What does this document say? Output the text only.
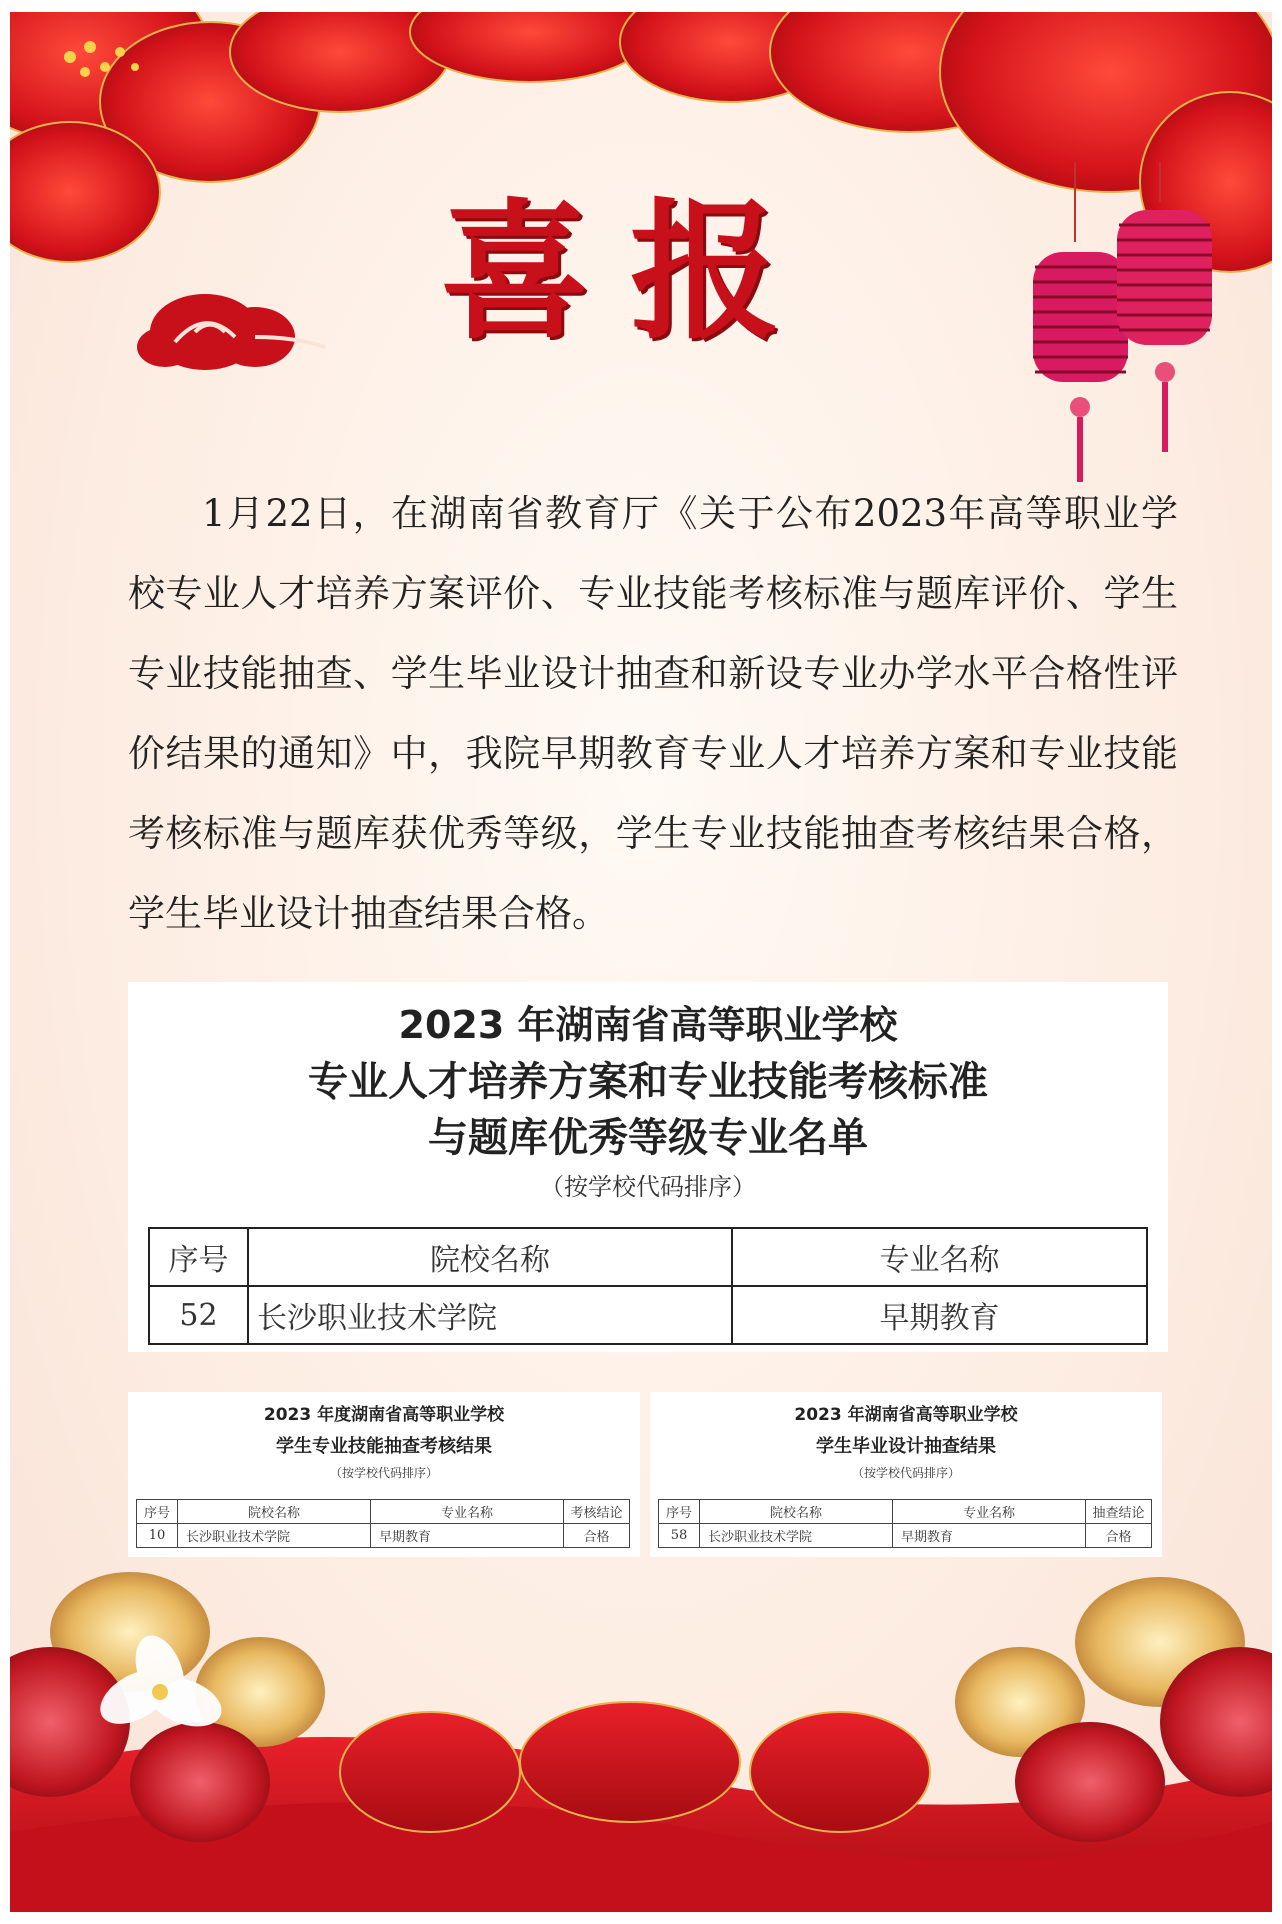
喜报
1月22日，在湖南省教育厅《关于公布2023年高等职业学校专业人才培养方案评价、专业技能考核标准与题库评价、学生专业技能抽查、学生毕业设计抽查和新设专业办学水平合格性评价结果的通知》中，我院早期教育专业人才培养方案和专业技能考核标准与题库获优秀等级，学生专业技能抽查考核结果合格，学生毕业设计抽查结果合格。
2023 年湖南省高等职业学校
专业人才培养方案和专业技能考核标准
与题库优秀等级专业名单
（按学校代码排序）
序号	院校名称	专业名称
52	长沙职业技术学院	早期教育
2023 年度湖南省高等职业学校
学生专业技能抽查考核结果
（按学校代码排序）
序号	院校名称	专业名称	考核结论
10	长沙职业技术学院	早期教育	合格
2023 年湖南省高等职业学校
学生毕业设计抽查结果
（按学校代码排序）
序号	院校名称	专业名称	抽查结论
58	长沙职业技术学院	早期教育	合格
